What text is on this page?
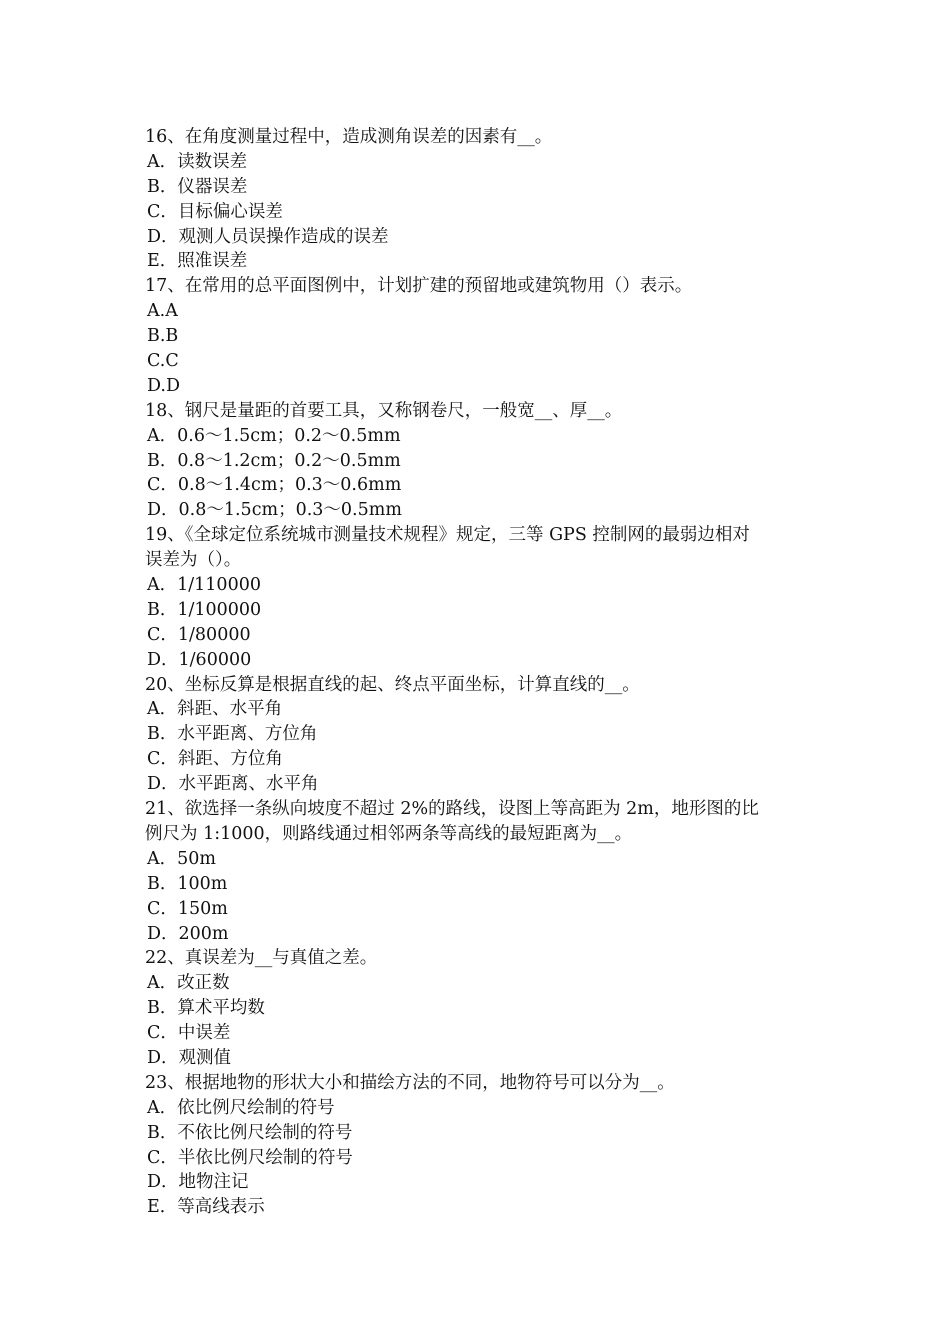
16、在角度测量过程中，造成测角误差的因素有__。
A．读数误差
B．仪器误差
C．目标偏心误差
D．观测人员误操作造成的误差
E．照准误差
17、在常用的总平面图例中，计划扩建的预留地或建筑物用（）表示。
A.A
B.B
C.C
D.D
18、钢尺是量距的首要工具，又称钢卷尺，一般宽__、厚__。
A．0.6～1.5cm；0.2～0.5mm
B．0.8～1.2cm；0.2～0.5mm
C．0.8～1.4cm；0.3～0.6mm
D．0.8～1.5cm；0.3～0.5mm
19、《全球定位系统城市测量技术规程》规定，三等 GPS 控制网的最弱边相对
误差为（）。
A．1/110000
B．1/100000
C．1/80000
D．1/60000
20、坐标反算是根据直线的起、终点平面坐标，计算直线的__。
A．斜距、水平角
B．水平距离、方位角
C．斜距、方位角
D．水平距离、水平角
21、欲选择一条纵向坡度不超过 2%的路线，设图上等高距为 2m，地形图的比
例尺为 1:1000，则路线通过相邻两条等高线的最短距离为__。
A．50m
B．100m
C．150m
D．200m
22、真误差为__与真值之差。
A．改正数
B．算术平均数
C．中误差
D．观测值
23、根据地物的形状大小和描绘方法的不同，地物符号可以分为__。
A．依比例尺绘制的符号
B．不依比例尺绘制的符号
C．半依比例尺绘制的符号
D．地物注记
E．等高线表示
